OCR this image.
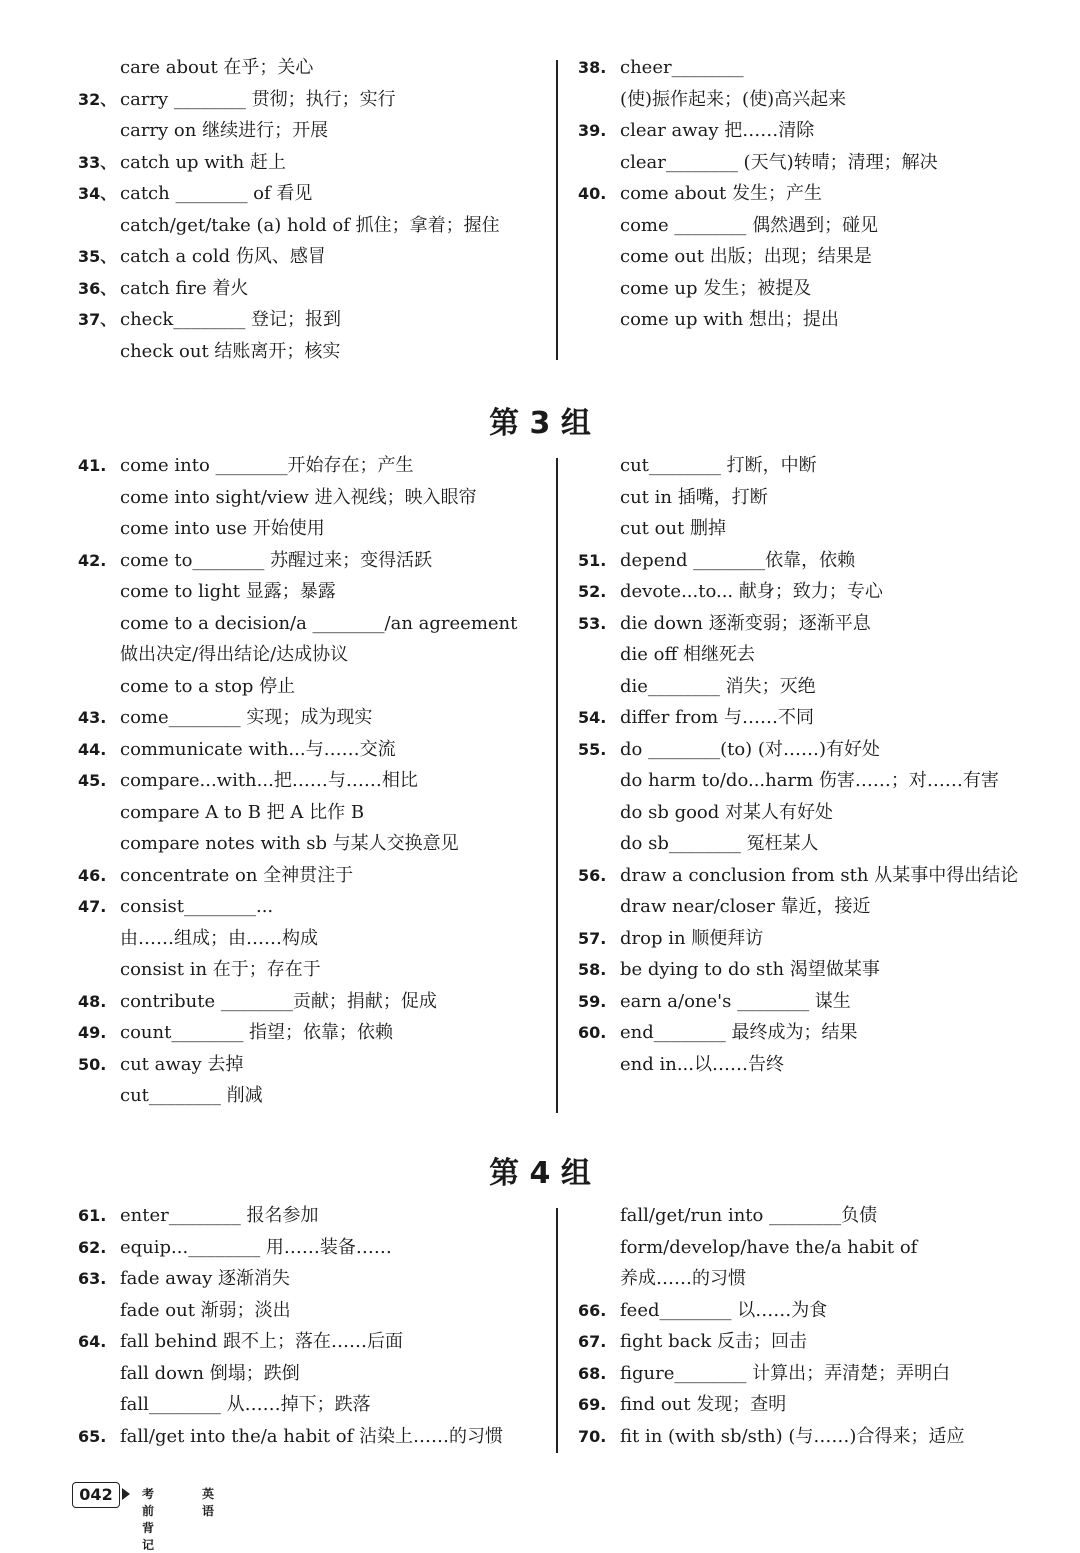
care about 在乎；关心
32、 carry ________ 贯彻；执行；实行
carry on 继续进行；开展
33、 catch up with 赶上
34、 catch ________ of 看见
catch/get/take (a) hold of 抓住；拿着；握住
35、 catch a cold 伤风、感冒
36、 catch fire 着火
37、 check________ 登记；报到
check out 结账离开；核实
38. cheer________
(使)振作起来；(使)高兴起来
39. clear away 把……清除
clear________ (天气)转晴；清理；解决
40. come about 发生；产生
come ________ 偶然遇到；碰见
come out 出版；出现；结果是
come up 发生；被提及
come up with 想出；提出
第 3 组
41. come into ________开始存在；产生
come into sight/view 进入视线；映入眼帘
come into use 开始使用
42. come to________ 苏醒过来；变得活跃
come to light 显露；暴露
come to a decision/a ________/an agreement
做出决定/得出结论/达成协议
come to a stop 停止
43. come________ 实现；成为现实
44. communicate with...与……交流
45. compare...with...把……与……相比
compare A to B 把 A 比作 B
compare notes with sb 与某人交换意见
46. concentrate on 全神贯注于
47. consist________...
由……组成；由……构成
consist in 在于；存在于
48. contribute ________贡献；捐献；促成
49. count________ 指望；依靠；依赖
50. cut away 去掉
cut________ 削减
cut________ 打断，中断
cut in 插嘴，打断
cut out 删掉
51. depend ________依靠，依赖
52. devote...to... 献身；致力；专心
53. die down 逐渐变弱；逐渐平息
die off 相继死去
die________ 消失；灭绝
54. differ from 与……不同
55. do ________(to) (对……)有好处
do harm to/do...harm 伤害……；对……有害
do sb good 对某人有好处
do sb________ 冤枉某人
56. draw a conclusion from sth 从某事中得出结论
draw near/closer 靠近，接近
57. drop in 顺便拜访
58. be dying to do sth 渴望做某事
59. earn a/one's ________ 谋生
60. end________ 最终成为；结果
end in...以……告终
第 4 组
61. enter________ 报名参加
62. equip...________ 用……装备……
63. fade away 逐渐消失
fade out 渐弱；淡出
64. fall behind 跟不上；落在……后面
fall down 倒塌；跌倒
fall________ 从……掉下；跌落
65. fall/get into the/a habit of 沾染上……的习惯
fall/get/run into ________负债
form/develop/have the/a habit of
养成……的习惯
66. feed________ 以……为食
67. fight back 反击；回击
68. figure________ 计算出；弄清楚；弄明白
69. find out 发现；查明
70. fit in (with sb/sth) (与……)合得来；适应
042	考前背记
英语
